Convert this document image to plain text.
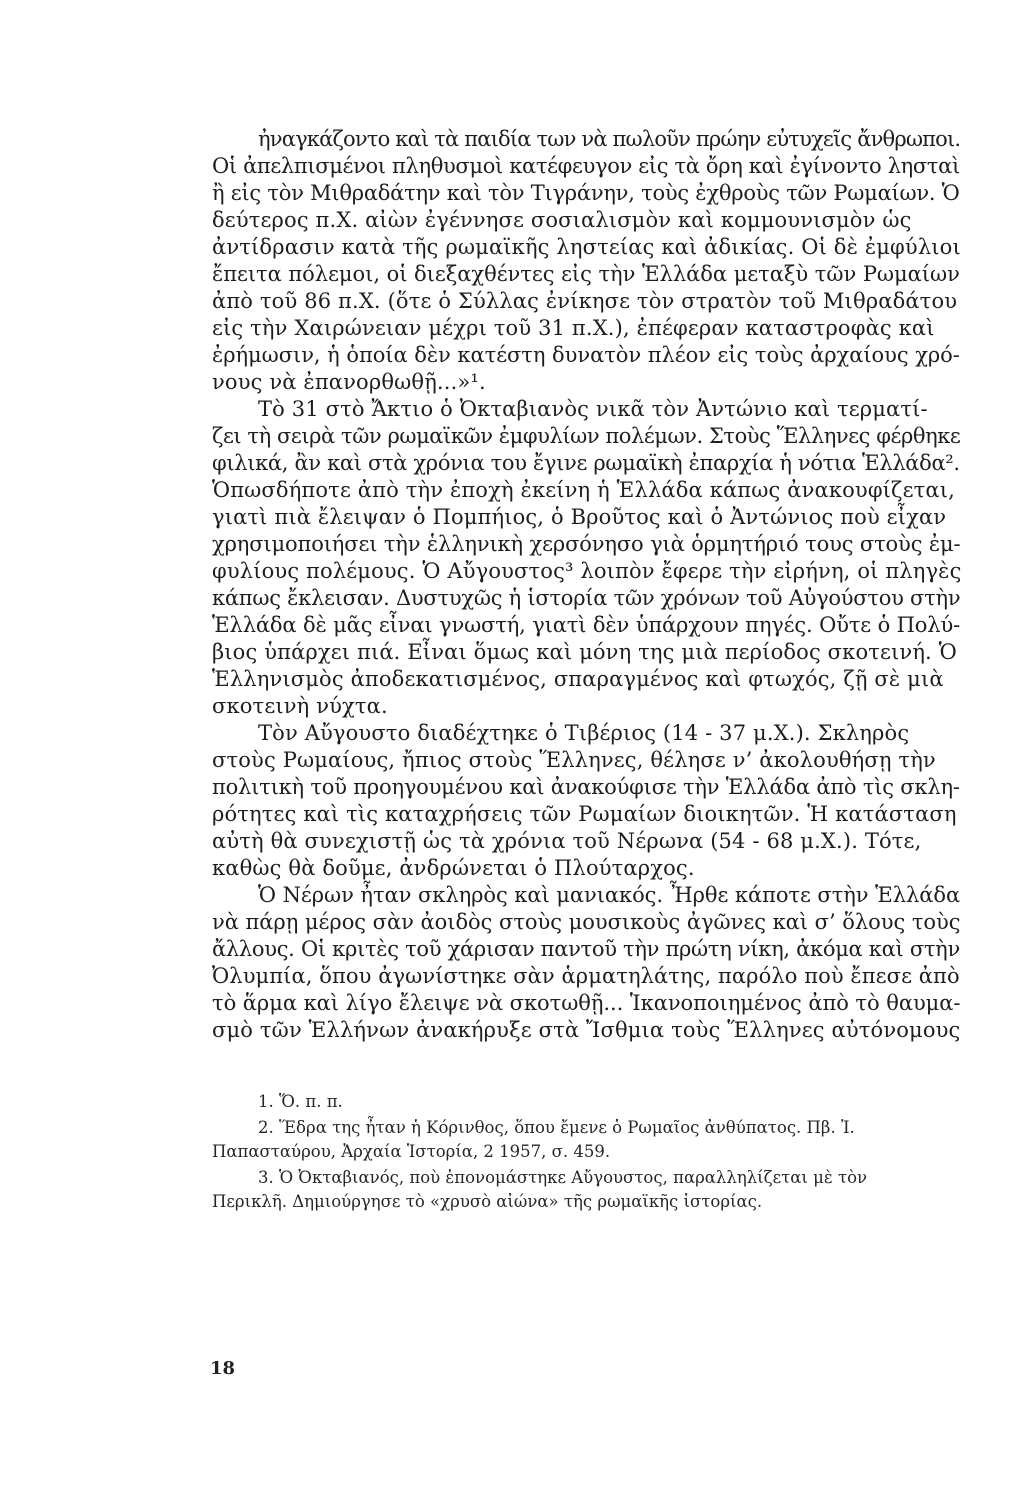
ἠναγκάζοντο καὶ τὰ παιδία των νὰ πωλοῦν πρώην εὐτυχεῖς ἄνθρωποι.
Οἱ ἀπελπισμένοι πληθυσμοὶ κατέφευγον εἰς τὰ ὄρη καὶ ἐγίνοντο λησταὶ
ἢ εἰς τὸν Μιθραδάτην καὶ τὸν Τιγράνην, τοὺς ἐχθροὺς τῶν Ρωμαίων. Ὁ
δεύτερος π.Χ. αἰὼν ἐγέννησε σοσιαλισμὸν καὶ κομμουνισμὸν ὡς
ἀντίδρασιν κατὰ τῆς ρωμαϊκῆς ληστείας καὶ ἀδικίας. Οἱ δὲ ἐμφύλιοι
ἔπειτα πόλεμοι, οἱ διεξαχθέντες εἰς τὴν Ἑλλάδα μεταξὺ τῶν Ρωμαίων
ἀπὸ τοῦ 86 π.Χ. (ὅτε ὁ Σύλλας ἐνίκησε τὸν στρατὸν τοῦ Μιθραδάτου
εἰς τὴν Χαιρώνειαν μέχρι τοῦ 31 π.Χ.), ἐπέφεραν καταστροφὰς καὶ
ἐρήμωσιν, ἡ ὁποία δὲν κατέστη δυνατὸν πλέον εἰς τοὺς ἀρχαίους χρό-
νους νὰ ἐπανορθωθῇ...»¹.
Τὸ 31 στὸ Ἄκτιο ὁ Ὀκταβιανὸς νικᾶ τὸν Ἀντώνιο καὶ τερματί-
ζει τὴ σειρὰ τῶν ρωμαϊκῶν ἐμφυλίων πολέμων. Στοὺς Ἕλληνες φέρθηκε
φιλικά, ἂν καὶ στὰ χρόνια του ἔγινε ρωμαϊκὴ ἐπαρχία ἡ νότια Ἑλλάδα².
Ὁπωσδήποτε ἀπὸ τὴν ἐποχὴ ἐκείνη ἡ Ἑλλάδα κάπως ἀνακουφίζεται,
γιατὶ πιὰ ἔλειψαν ὁ Πομπήιος, ὁ Βροῦτος καὶ ὁ Ἀντώνιος ποὺ εἶχαν
χρησιμοποιήσει τὴν ἑλληνικὴ χερσόνησο γιὰ ὁρμητήριό τους στοὺς ἐμ-
φυλίους πολέμους. Ὁ Αὔγουστος³ λοιπὸν ἔφερε τὴν εἰρήνη, οἱ πληγὲς
κάπως ἔκλεισαν. Δυστυχῶς ἡ ἱστορία τῶν χρόνων τοῦ Αὐγούστου στὴν
Ἑλλάδα δὲ μᾶς εἶναι γνωστή, γιατὶ δὲν ὑπάρχουν πηγές. Οὔτε ὁ Πολύ-
βιος ὑπάρχει πιά. Εἶναι ὅμως καὶ μόνη της μιὰ περίοδος σκοτεινή. Ὁ
Ἑλληνισμὸς ἀποδεκατισμένος, σπαραγμένος καὶ φτωχός, ζῇ σὲ μιὰ
σκοτεινὴ νύχτα.
Τὸν Αὔγουστο διαδέχτηκε ὁ Τιβέριος (14 - 37 μ.Χ.). Σκληρὸς
στοὺς Ρωμαίους, ἤπιος στοὺς Ἕλληνες, θέλησε ν’ ἀκολουθήσῃ τὴν
πολιτικὴ τοῦ προηγουμένου καὶ ἀνακούφισε τὴν Ἑλλάδα ἀπὸ τὶς σκλη-
ρότητες καὶ τὶς καταχρήσεις τῶν Ρωμαίων διοικητῶν. Ἡ κατάσταση
αὐτὴ θὰ συνεχιστῇ ὡς τὰ χρόνια τοῦ Νέρωνα (54 - 68 μ.Χ.). Τότε,
καθὼς θὰ δοῦμε, ἀνδρώνεται ὁ Πλούταρχος.
Ὁ Νέρων ἦταν σκληρὸς καὶ μανιακός. Ἦρθε κάποτε στὴν Ἑλλάδα
νὰ πάρῃ μέρος σὰν ἀοιδὸς στοὺς μουσικοὺς ἀγῶνες καὶ σ’ ὅλους τοὺς
ἄλλους. Οἱ κριτὲς τοῦ χάρισαν παντοῦ τὴν πρώτη νίκη, ἀκόμα καὶ στὴν
Ὀλυμπία, ὅπου ἀγωνίστηκε σὰν ἁρματηλάτης, παρόλο ποὺ ἔπεσε ἀπὸ
τὸ ἅρμα καὶ λίγο ἔλειψε νὰ σκοτωθῇ... Ἱκανοποιημένος ἀπὸ τὸ θαυμα-
σμὸ τῶν Ἑλλήνων ἀνακήρυξε στὰ Ἴσθμια τοὺς Ἕλληνες αὐτόνομους
1. Ὅ. π. π.
2. Ἕδρα της ἦταν ἡ Κόρινθος, ὅπου ἔμενε ὁ Ρωμαῖος ἀνθύπατος. Πβ. Ἰ.
Παπασταύρου, Ἀρχαία Ἱστορία, 2 1957, σ. 459.
3. Ὁ Ὀκταβιανός, ποὺ ἐπονομάστηκε Αὔγουστος, παραλληλίζεται μὲ τὸν
Περικλῆ. Δημιούργησε τὸ «χρυσὸ αἰώνα» τῆς ρωμαϊκῆς ἱστορίας.
18
